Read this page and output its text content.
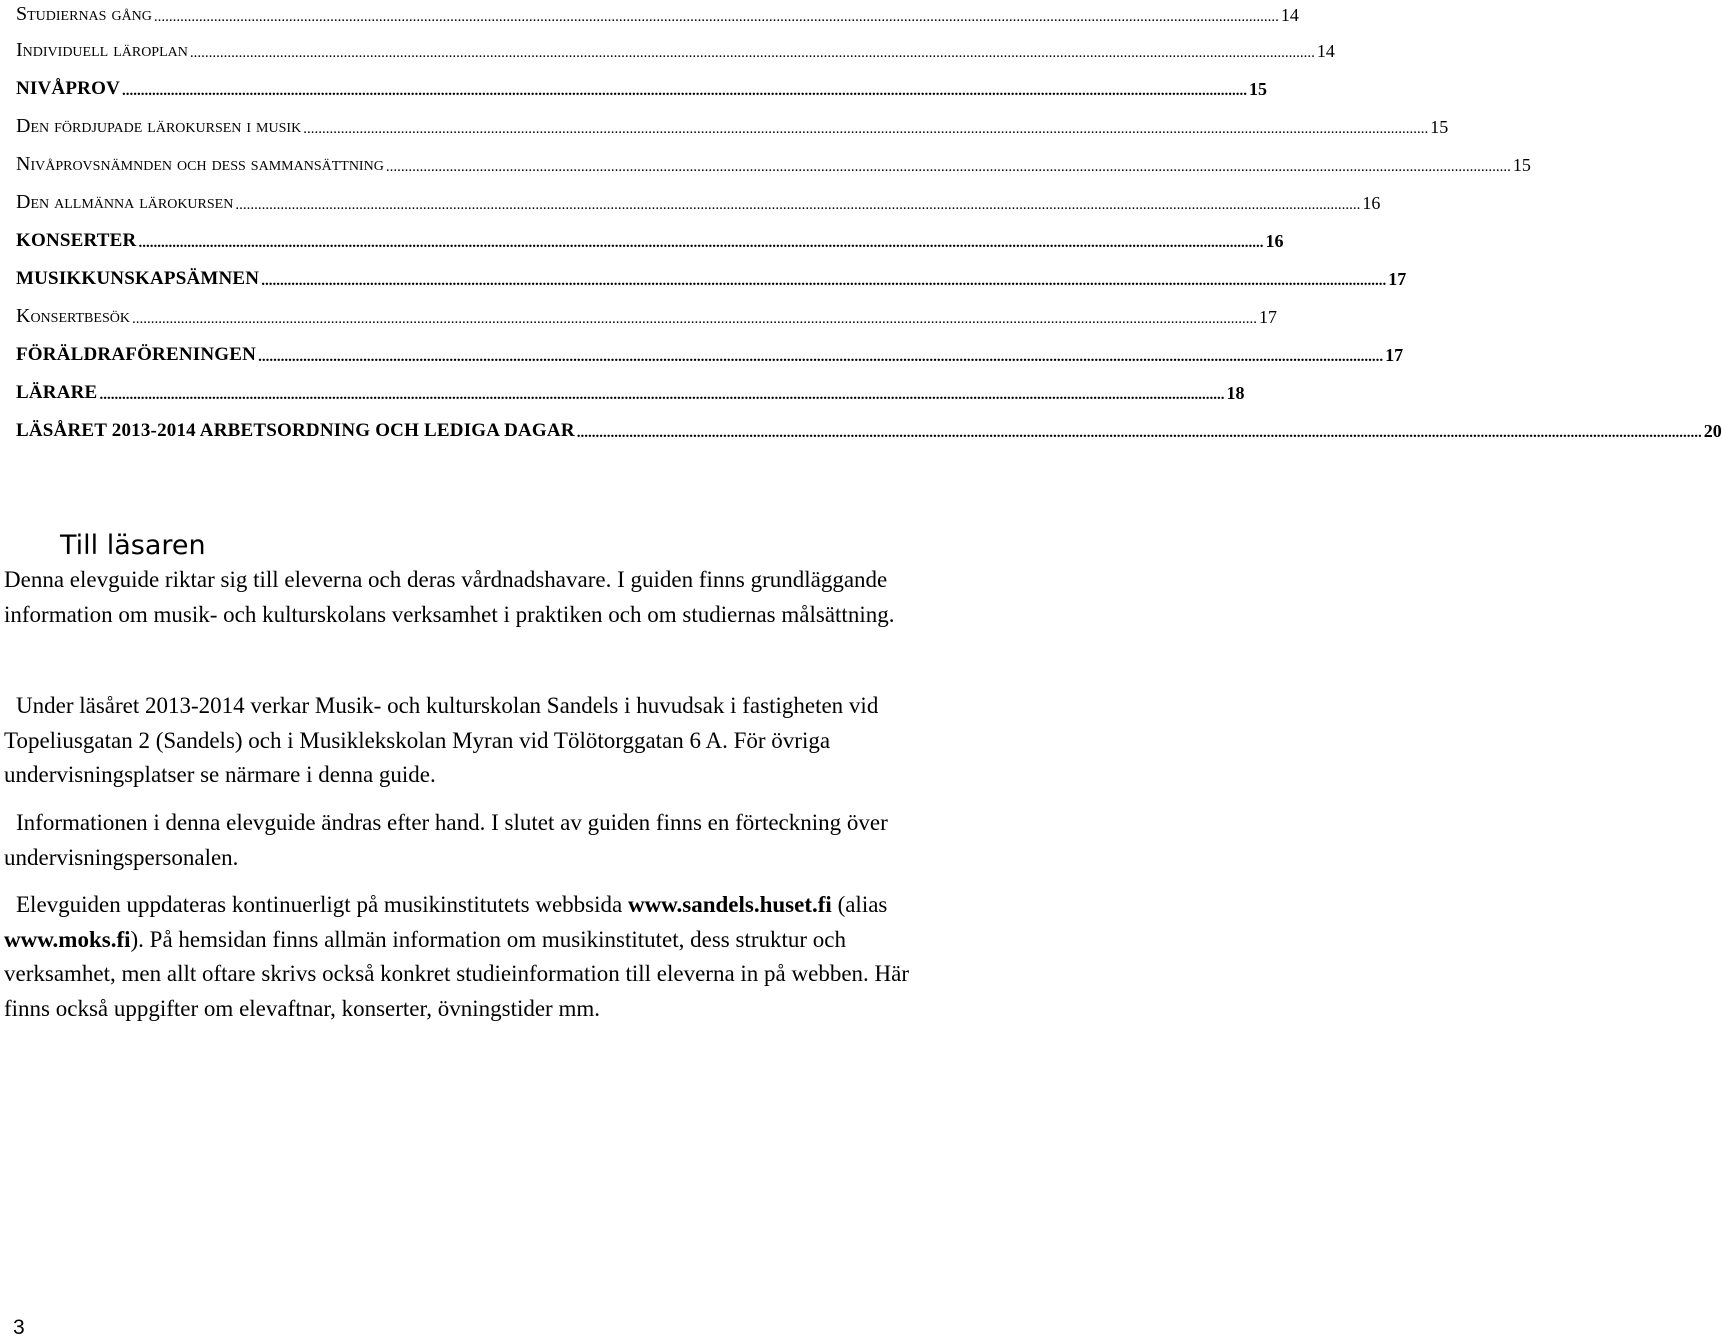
Studiernas gång ............................................................................................................................................................................................................................................................................................................ 14
Individuell läroplan ............................................................................................................................................................................................................................................................................................................ 14
NIVÅPROV ............................................................................................................................................................................................................................................................................................................ 15
Den fördjupade lärokursen i musik ............................................................................................................................................................................................................................................................................................................ 15
Nivåprovsnämnden och dess sammansättning ............................................................................................................................................................................................................................................................................................................ 15
Den allmänna lärokursen ............................................................................................................................................................................................................................................................................................................ 16
KONSERTER ............................................................................................................................................................................................................................................................................................................ 16
MUSIKKUNSKAPSÄMNEN ............................................................................................................................................................................................................................................................................................................ 17
Konsertbesök ............................................................................................................................................................................................................................................................................................................ 17
FÖRÄLDRAFÖRENINGEN ............................................................................................................................................................................................................................................................................................................ 17
LÄRARE ............................................................................................................................................................................................................................................................................................................ 18
LÄSÅRET 2013-2014 ARBETSORDNING OCH LEDIGA DAGAR ............................................................................................................................................................................................................................................................................................................ 20
Till läsaren

Denna elevguide riktar sig till eleverna och deras vårdnadshavare. I guiden finns grundläggande information om musik- och kulturskolans verksamhet i praktiken och om studiernas målsättning.

Under läsåret 2013-2014 verkar Musik- och kulturskolan Sandels i huvudsak i fastigheten vid Topeliusgatan 2 (Sandels) och i Musiklekskolan Myran vid Tölötorggatan 6 A. För övriga undervisningsplatser se närmare i denna guide.

Informationen i denna elevguide ändras efter hand. I slutet av guiden finns en förteckning över undervisningspersonalen.

Elevguiden uppdateras kontinuerligt på musikinstitutets webbsida www.sandels.huset.fi (alias www.moks.fi). På hemsidan finns allmän information om musikinstitutet, dess struktur och verksamhet, men allt oftare skrivs också konkret studieinformation till eleverna in på webben. Här finns också uppgifter om elevaftnar, konserter, övningstider mm.

3
